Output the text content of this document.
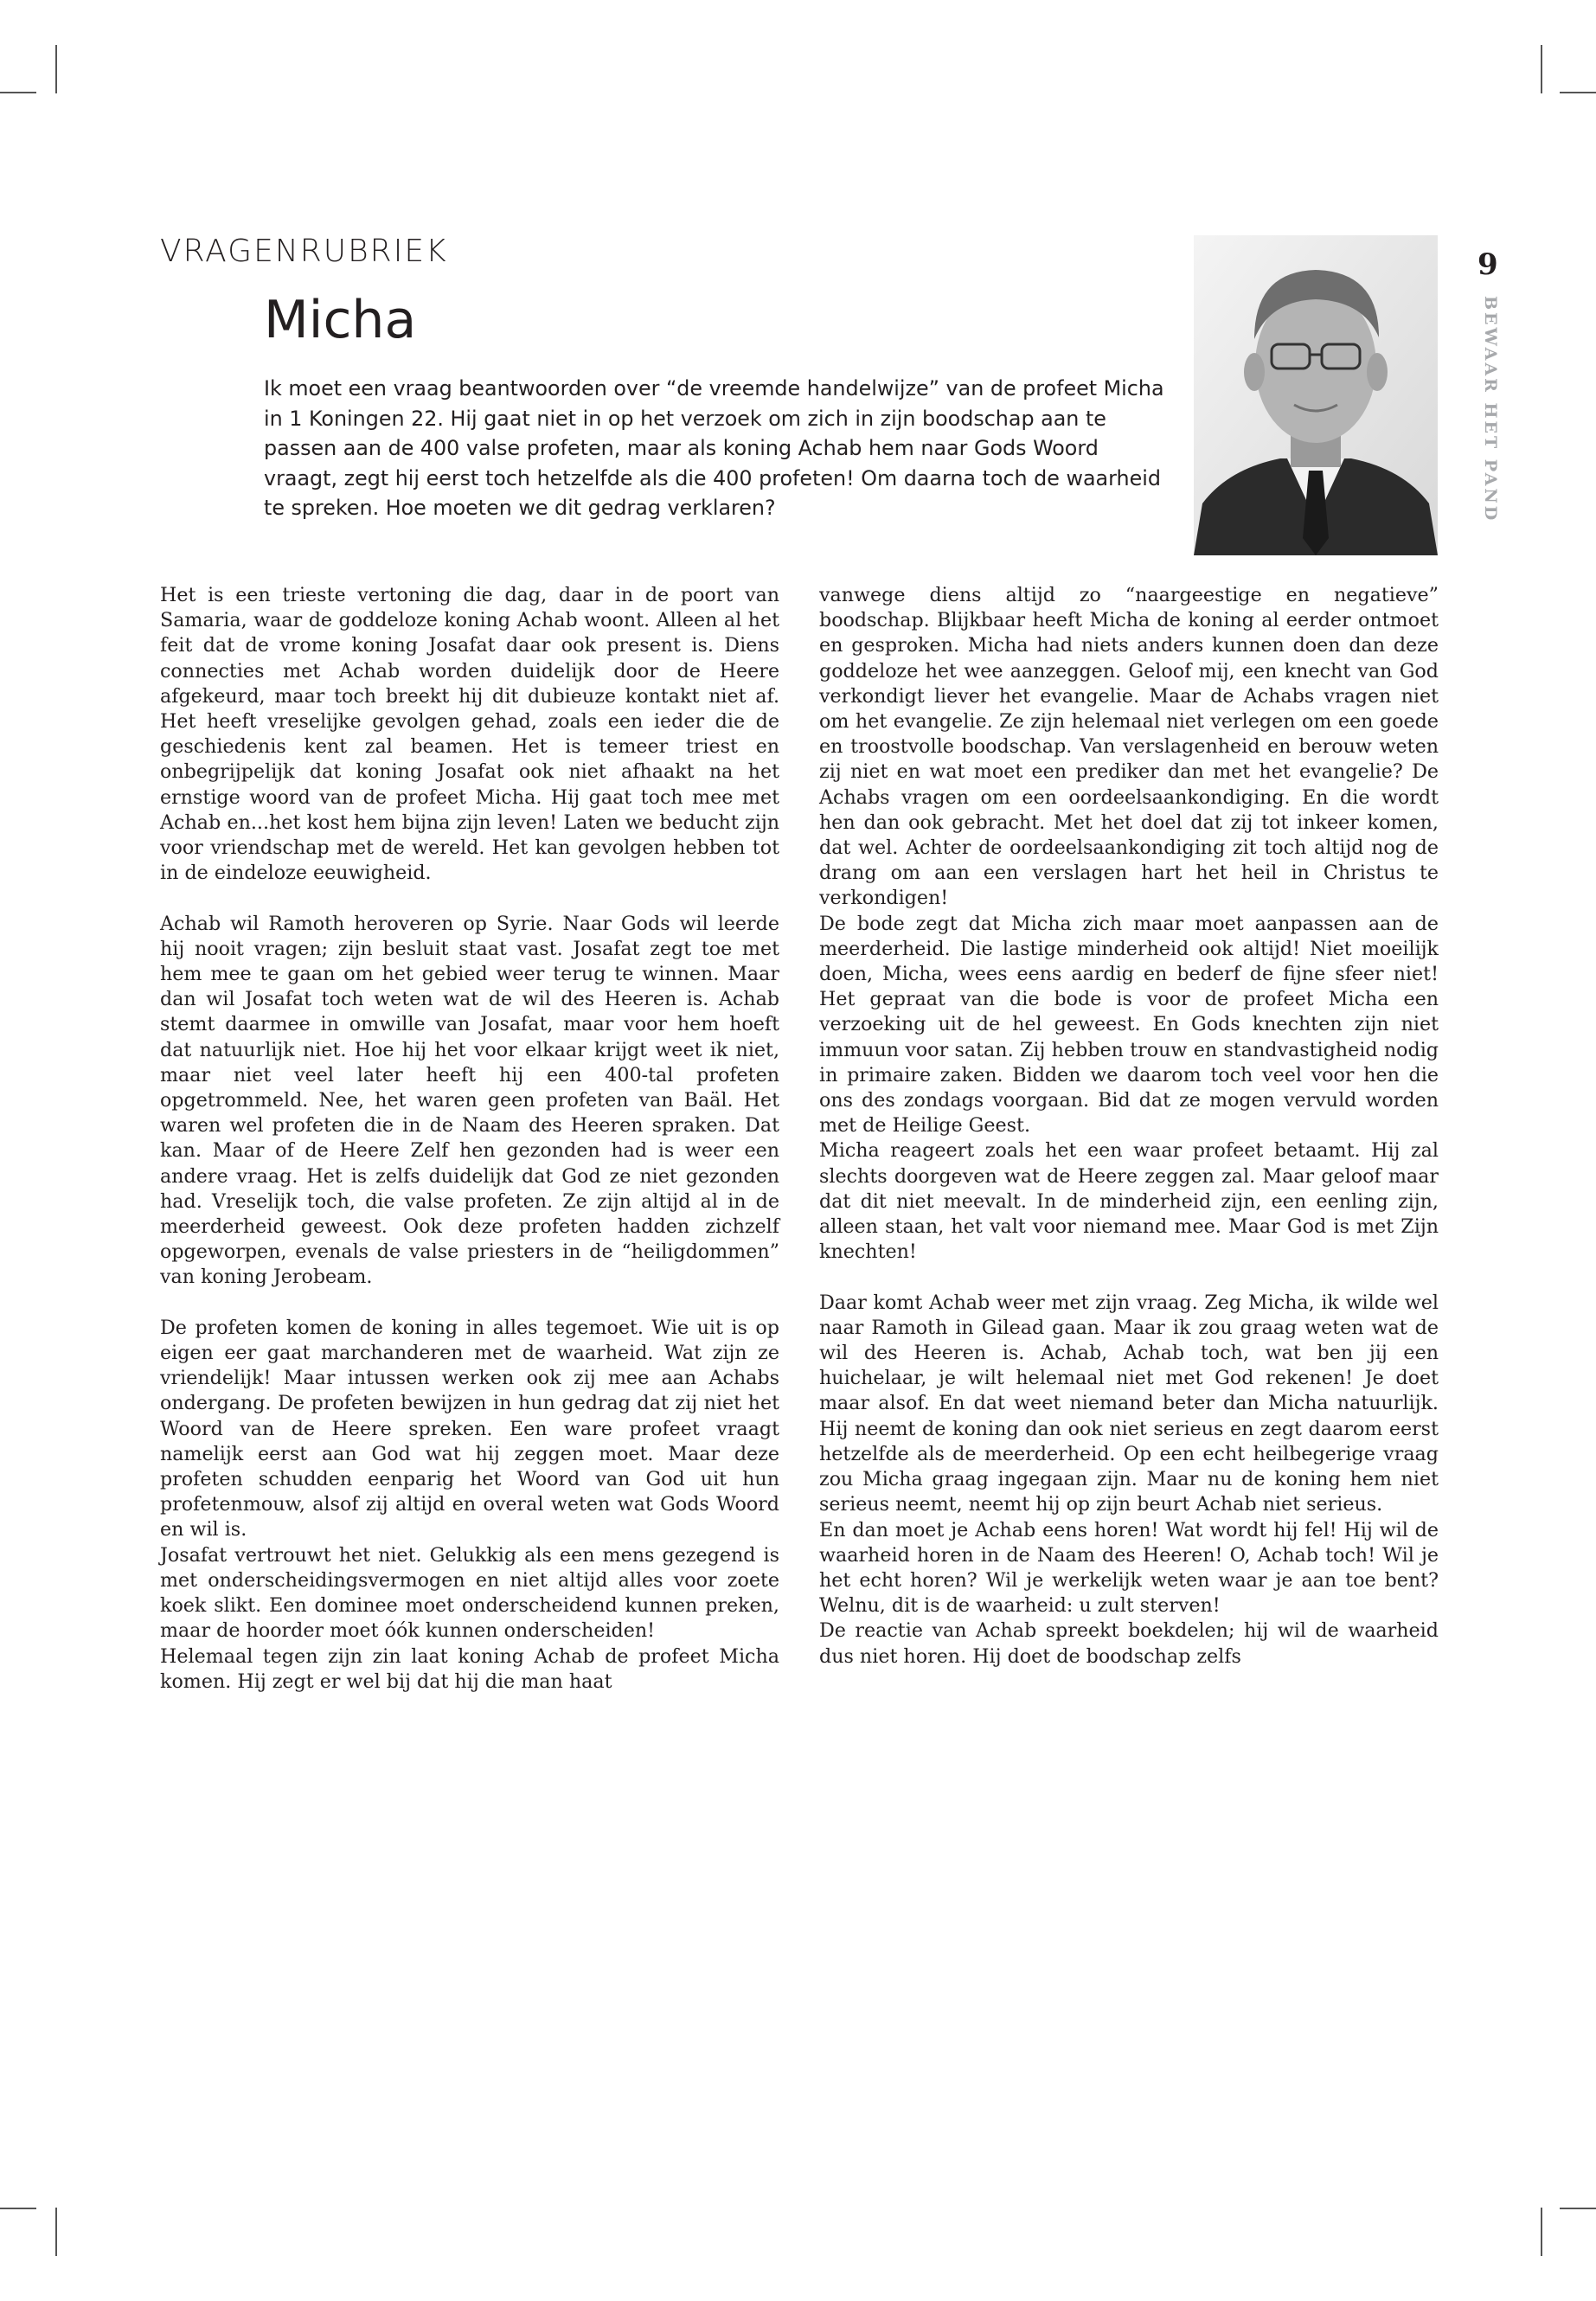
VRAGENRUBRIEK
Micha

Ik moet een vraag beantwoorden over “de vreemde handelwijze” van de profeet Micha in 1 Koningen 22. Hij gaat niet in op het verzoek om zich in zijn boodschap aan te passen aan de 400 valse profeten, maar als koning Achab hem naar Gods Woord vraagt, zegt hij eerst toch hetzelfde als die 400 profeten! Om daarna toch de waarheid te spreken. Hoe moeten we dit gedrag verklaren?

9
BEWAAR HET PAND

Het is een trieste vertoning die dag, daar in de poort van Samaria, waar de goddeloze koning Achab woont. Alleen al het feit dat de vrome koning Josafat daar ook present is. Diens connecties met Achab worden duidelijk door de Heere afgekeurd, maar toch breekt hij dit dubieuze kontakt niet af. Het heeft vreselijke gevolgen gehad, zoals een ieder die de geschiedenis kent zal beamen. Het is temeer triest en onbegrijpelijk dat koning Josafat ook niet afhaakt na het ernstige woord van de profeet Micha. Hij gaat toch mee met Achab en...het kost hem bijna zijn leven! Laten we beducht zijn voor vriendschap met de wereld. Het kan gevolgen hebben tot in de eindeloze eeuwigheid.

Achab wil Ramoth heroveren op Syrie. Naar Gods wil leerde hij nooit vragen; zijn besluit staat vast. Josafat zegt toe met hem mee te gaan om het gebied weer terug te winnen. Maar dan wil Josafat toch weten wat de wil des Heeren is. Achab stemt daarmee in omwille van Josafat, maar voor hem hoeft dat natuurlijk niet. Hoe hij het voor elkaar krijgt weet ik niet, maar niet veel later heeft hij een 400-tal profeten opgetrommeld. Nee, het waren geen profeten van Baäl. Het waren wel profeten die in de Naam des Heeren spraken. Dat kan. Maar of de Heere Zelf hen gezonden had is weer een andere vraag. Het is zelfs duidelijk dat God ze niet gezonden had. Vreselijk toch, die valse profeten. Ze zijn altijd al in de meerderheid geweest. Ook deze profeten hadden zichzelf opgeworpen, evenals de valse priesters in de “heiligdommen” van koning Jerobeam.

De profeten komen de koning in alles tegemoet. Wie uit is op eigen eer gaat marchanderen met de waarheid. Wat zijn ze vriendelijk! Maar intussen werken ook zij mee aan Achabs ondergang. De profeten bewijzen in hun gedrag dat zij niet het Woord van de Heere spreken. Een ware profeet vraagt namelijk eerst aan God wat hij zeggen moet. Maar deze profeten schudden eenparig het Woord van God uit hun profetenmouw, alsof zij altijd en overal weten wat Gods Woord en wil is.

Josafat vertrouwt het niet. Gelukkig als een mens gezegend is met onderscheidingsvermogen en niet altijd alles voor zoete koek slikt. Een dominee moet onderscheidend kunnen preken, maar de hoorder moet óók kunnen onderscheiden!

Helemaal tegen zijn zin laat koning Achab de profeet Micha komen. Hij zegt er wel bij dat hij die man haat

vanwege diens altijd zo “naargeestige en negatieve” boodschap. Blijkbaar heeft Micha de koning al eerder ontmoet en gesproken. Micha had niets anders kunnen doen dan deze goddeloze het wee aanzeggen. Geloof mij, een knecht van God verkondigt liever het evangelie. Maar de Achabs vragen niet om het evangelie. Ze zijn helemaal niet verlegen om een goede en troostvolle boodschap. Van verslagenheid en berouw weten zij niet en wat moet een prediker dan met het evangelie? De Achabs vragen om een oordeelsaankondiging. En die wordt hen dan ook gebracht. Met het doel dat zij tot inkeer komen, dat wel. Achter de oordeelsaankondiging zit toch altijd nog de drang om aan een verslagen hart het heil in Christus te verkondigen!

De bode zegt dat Micha zich maar moet aanpassen aan de meerderheid. Die lastige minderheid ook altijd! Niet moeilijk doen, Micha, wees eens aardig en bederf de fijne sfeer niet! Het gepraat van die bode is voor de profeet Micha een verzoeking uit de hel geweest. En Gods knechten zijn niet immuun voor satan. Zij hebben trouw en standvastigheid nodig in primaire zaken. Bidden we daarom toch veel voor hen die ons des zondags voorgaan. Bid dat ze mogen vervuld worden met de Heilige Geest.

Micha reageert zoals het een waar profeet betaamt. Hij zal slechts doorgeven wat de Heere zeggen zal. Maar geloof maar dat dit niet meevalt. In de minderheid zijn, een eenling zijn, alleen staan, het valt voor niemand mee. Maar God is met Zijn knechten!

Daar komt Achab weer met zijn vraag. Zeg Micha, ik wilde wel naar Ramoth in Gilead gaan. Maar ik zou graag weten wat de wil des Heeren is. Achab, Achab toch, wat ben jij een huichelaar, je wilt helemaal niet met God rekenen! Je doet maar alsof. En dat weet niemand beter dan Micha natuurlijk. Hij neemt de koning dan ook niet serieus en zegt daarom eerst hetzelfde als de meerderheid. Op een echt heilbegerige vraag zou Micha graag ingegaan zijn. Maar nu de koning hem niet serieus neemt, neemt hij op zijn beurt Achab niet serieus.

En dan moet je Achab eens horen! Wat wordt hij fel! Hij wil de waarheid horen in de Naam des Heeren! O, Achab toch! Wil je het echt horen? Wil je werkelijk weten waar je aan toe bent? Welnu, dit is de waarheid: u zult sterven!

De reactie van Achab spreekt boekdelen; hij wil de waarheid dus niet horen. Hij doet de boodschap zelfs
